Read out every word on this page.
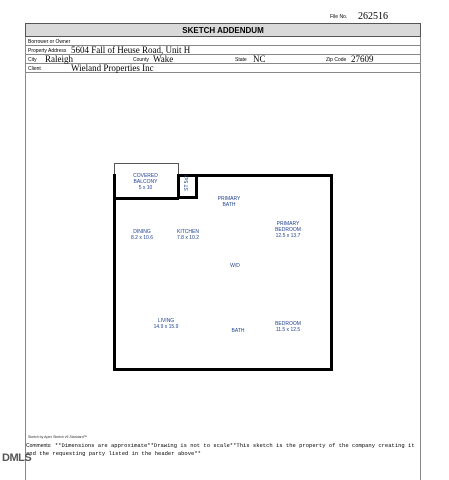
File No. 262516
SKETCH ADDENDUM
Borrower or Owner
Property Address 5604 Fall of Heuse Road, Unit H
City Raleigh	County Wake	State NC	Zip Code 27609
Client	Wieland Properties Inc
COVERED BALCONY
5 x 10	ST 5x3
PRIMARY BATH
PRIMARY BEDROOM
12.5 x 13.7
DINING
8.2 x 10.6
KITCHEN
7.8 x 10.2
W/D
LIVING
14.9 x 15.9
BATH
BEDROOM
11.5 x 12.5
Sketch by Apex Sketch v5 Standard™
Comments: **Dimensions are approximate**Drawing is not to scale**This sketch is the property of the company creating it and the requesting party listed in the header above**
DMLS
